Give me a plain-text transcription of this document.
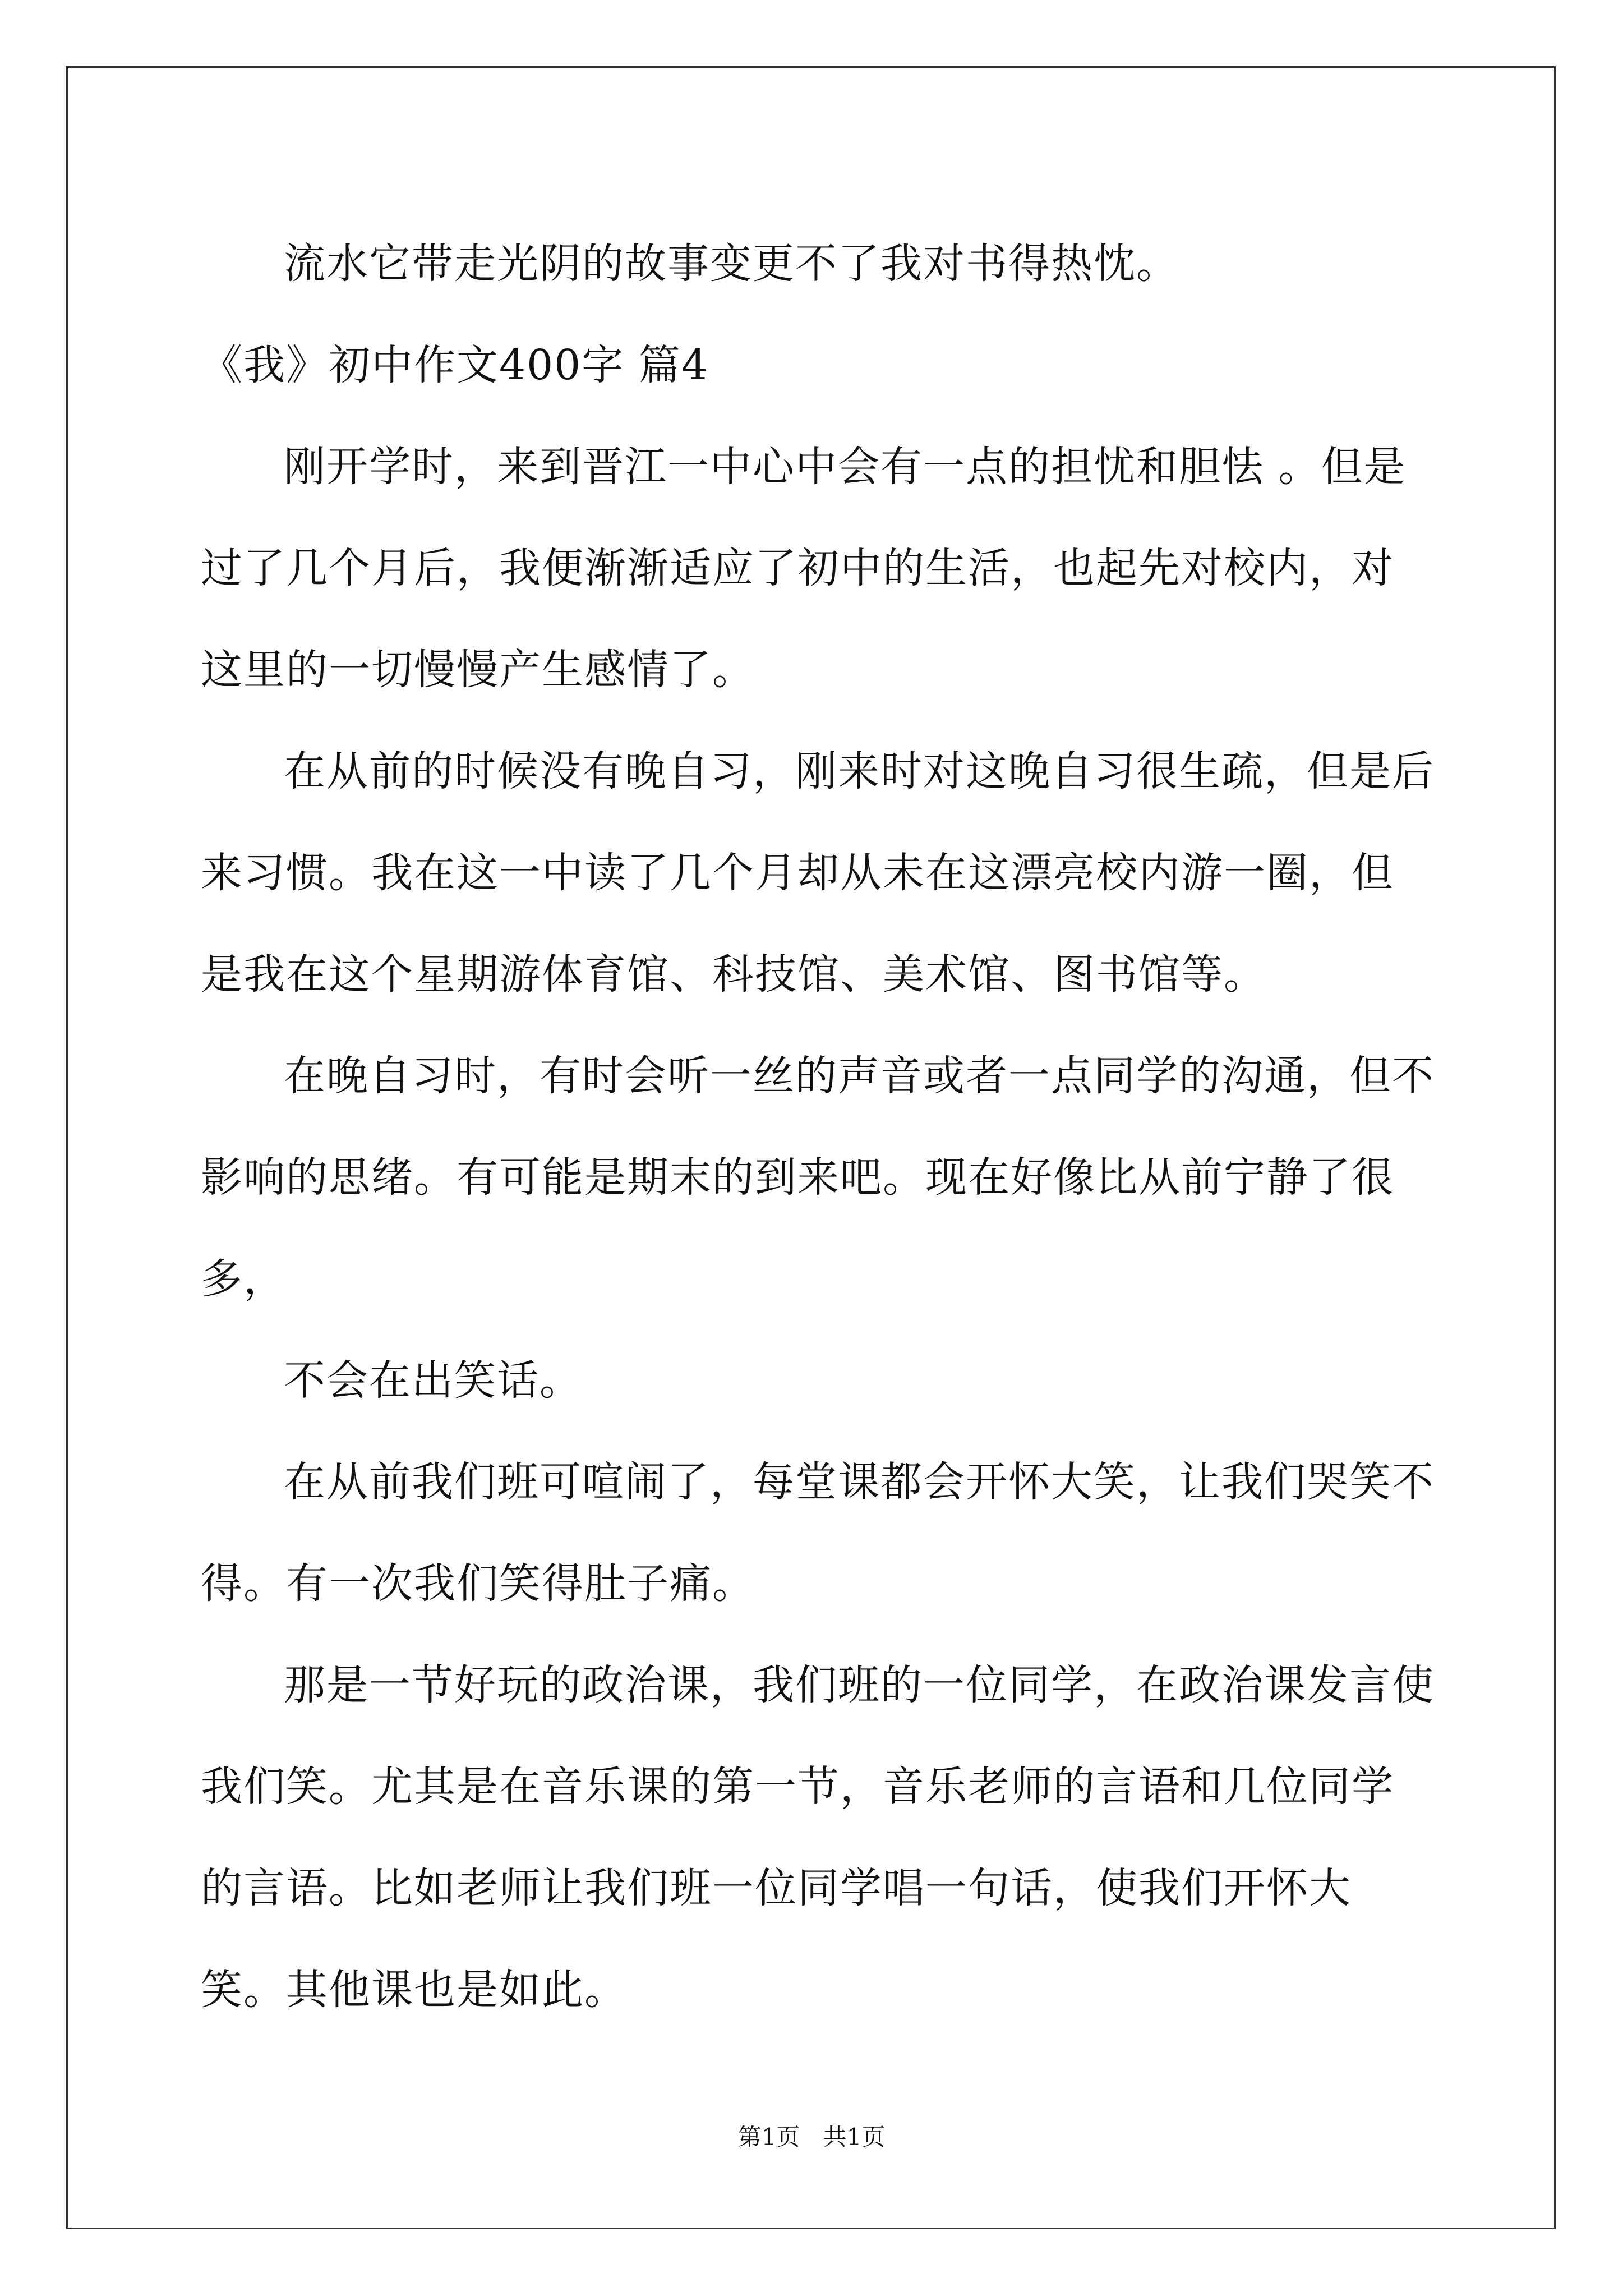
流水它带走光阴的故事变更不了我对书得热忱。

《我》初中作文400字 篇4

刚开学时，来到晋江一中心中会有一点的担忧和胆怯 。但是过了几个月后，我便渐渐适应了初中的生活，也起先对校内，对这里的一切慢慢产生感情了。

在从前的时候没有晚自习，刚来时对这晚自习很生疏，但是后来习惯。我在这一中读了几个月却从未在这漂亮校内游一圈，但是我在这个星期游体育馆、科技馆、美术馆、图书馆等。

在晚自习时，有时会听一丝的声音或者一点同学的沟通，但不影响的思绪。有可能是期末的到来吧。现在好像比从前宁静了很多，

不会在出笑话。

在从前我们班可喧闹了，每堂课都会开怀大笑，让我们哭笑不得。有一次我们笑得肚子痛。

那是一节好玩的政治课，我们班的一位同学，在政治课发言使我们笑。尤其是在音乐课的第一节，音乐老师的言语和几位同学的言语。比如老师让我们班一位同学唱一句话，使我们开怀大笑。其他课也是如此。

第1页 共1页
